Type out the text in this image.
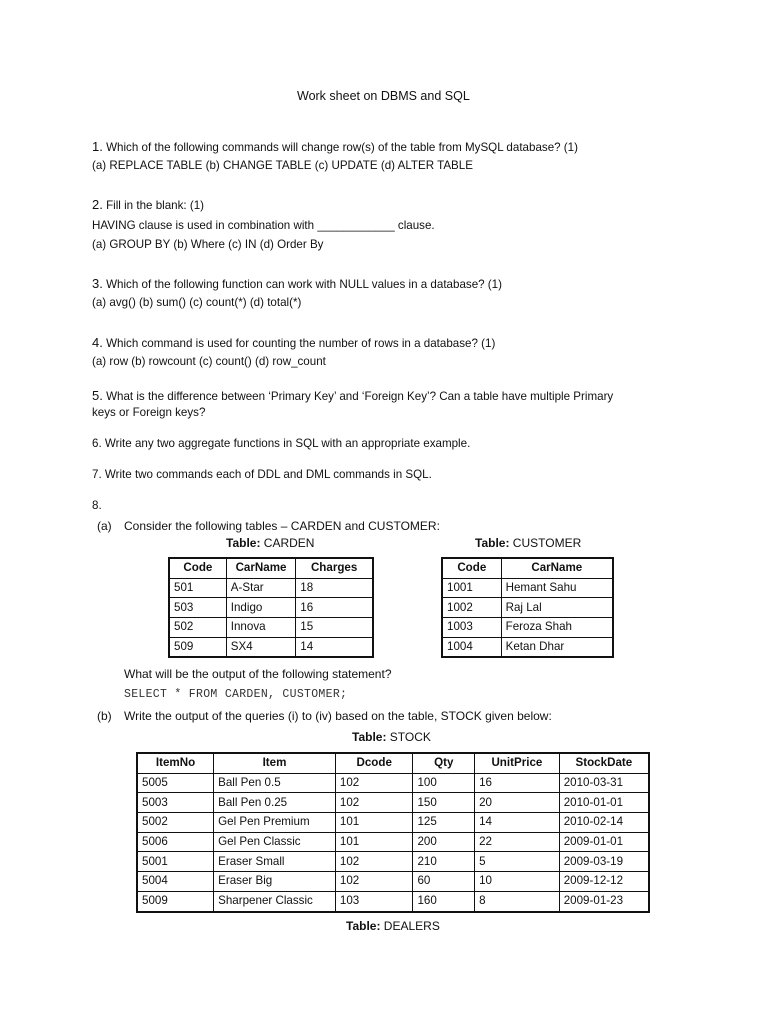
Work sheet on DBMS and SQL
1. Which of the following commands will change row(s) of the table from MySQL database? (1)
(a) REPLACE TABLE (b) CHANGE TABLE (c) UPDATE (d) ALTER TABLE
2. Fill in the blank: (1)
HAVING clause is used in combination with ____________ clause.
(a) GROUP BY (b) Where (c) IN (d) Order By
3. Which of the following function can work with NULL values in a database? (1)
(a) avg() (b) sum() (c) count(*) (d) total(*)
4. Which command is used for counting the number of rows in a database? (1)
(a) row (b) rowcount (c) count() (d) row_count
5. What is the difference between ‘Primary Key’ and ‘Foreign Key’? Can a table have multiple Primary
keys or Foreign keys?
6. Write any two aggregate functions in SQL with an appropriate example.
7. Write two commands each of DDL and DML commands in SQL.
8.
(a) Consider the following tables – CARDEN and CUSTOMER:
Table: CARDEN	Table: CUSTOMER
Code	CarName	Charges
501	A-Star	18
503	Indigo	16
502	Innova	15
509	SX4	14
Code	CarName
1001	Hemant Sahu
1002	Raj Lal
1003	Feroza Shah
1004	Ketan Dhar
What will be the output of the following statement?
SELECT * FROM CARDEN, CUSTOMER;
(b) Write the output of the queries (i) to (iv) based on the table, STOCK given below:
Table: STOCK
ItemNo	Item	Dcode	Qty	UnitPrice	StockDate
5005	Ball Pen 0.5	102	100	16	2010-03-31
5003	Ball Pen 0.25	102	150	20	2010-01-01
5002	Gel Pen Premium	101	125	14	2010-02-14
5006	Gel Pen Classic	101	200	22	2009-01-01
5001	Eraser Small	102	210	5	2009-03-19
5004	Eraser Big	102	60	10	2009-12-12
5009	Sharpener Classic	103	160	8	2009-01-23
Table: DEALERS
